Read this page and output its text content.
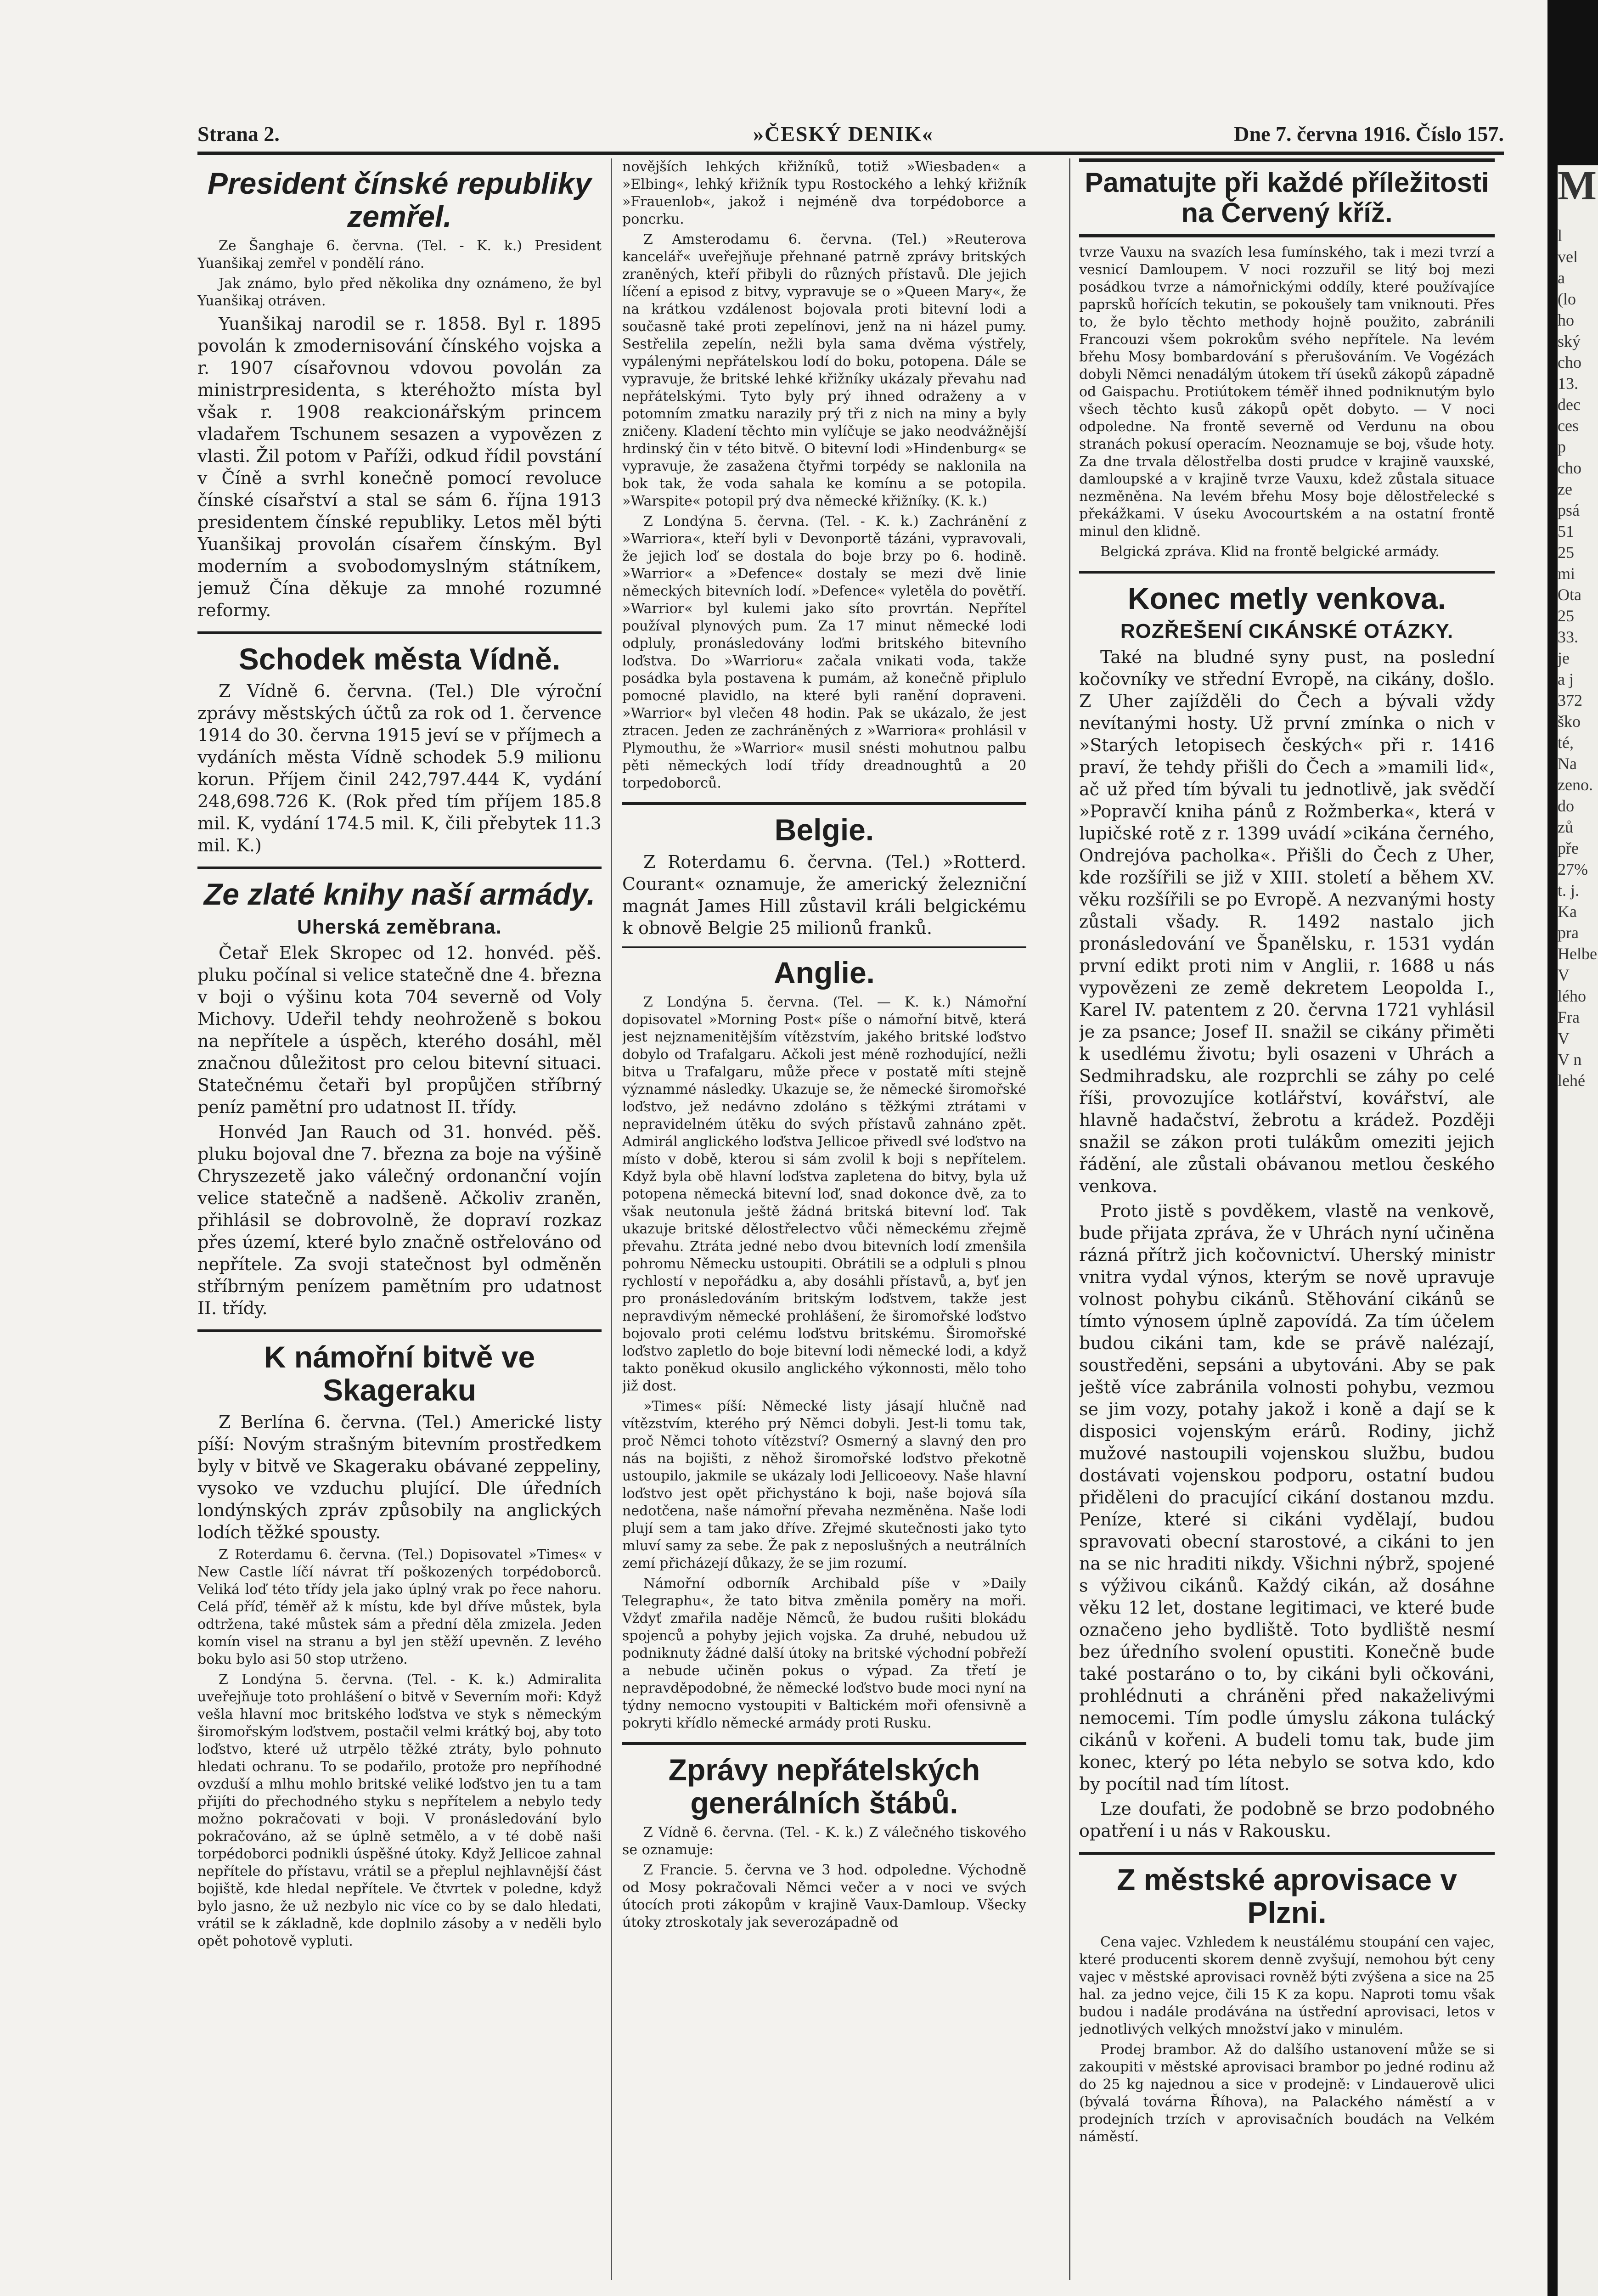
Strana 2.	»ČESKÝ DENIK«	Dne 7. června 1916. Číslo 157.
President čínské republiky zemřel.

Ze Šanghaje 6. června. (Tel. - K. k.) President Yuanšikaj zemřel v pondělí ráno.

Jak známo, bylo před několika dny oznámeno, že byl Yuanšikaj otráven.

Yuanšikaj narodil se r. 1858. Byl r. 1895 povolán k zmodernisování čínského vojska a r. 1907 císařovnou vdovou povolán za ministrpresidenta, s kteréhožto místa byl však r. 1908 reakcionářským princem vladařem Tschunem sesazen a vypovězen z vlasti. Žil potom v Paříži, odkud řídil povstání v Číně a svrhl konečně pomocí revoluce čínské císařství a stal se sám 6. října 1913 presidentem čínské republiky. Letos měl býti Yuanšikaj provolán císařem čínským. Byl moderním a svobodomyslným státníkem, jemuž Čína děkuje za mnohé rozumné reformy.

Schodek města Vídně.

Z Vídně 6. června. (Tel.) Dle výroční zprávy městských účtů za rok od 1. července 1914 do 30. června 1915 jeví se v příjmech a vydáních města Vídně schodek 5.9 milionu korun. Příjem činil 242,797.444 K, vydání 248,698.726 K. (Rok před tím příjem 185.8 mil. K, vydání 174.5 mil. K, čili přebytek 11.3 mil. K.)

Ze zlaté knihy naší armády.
Uherská zeměbrana.

Četař Elek Skropec od 12. honvéd. pěš. pluku počínal si velice statečně dne 4. března v boji o výšinu kota 704 severně od Voly Michovy. Udeřil tehdy neohroženě s bokou na nepřítele a úspěch, kterého dosáhl, měl značnou důležitost pro celou bitevní situaci. Statečnému četaři byl propůjčen stříbrný peníz pamětní pro udatnost II. třídy.

Honvéd Jan Rauch od 31. honvéd. pěš. pluku bojoval dne 7. března za boje na výšině Chryszezetě jako válečný ordonanční vojín velice statečně a nadšeně. Ačkoliv zraněn, přihlásil se dobrovolně, že dopraví rozkaz přes území, které bylo značně ostřelováno od nepřítele. Za svoji statečnost byl odměněn stříbrným penízem pamětním pro udatnost II. třídy.

K námořní bitvě ve Skageraku

Z Berlína 6. června. (Tel.) Americké listy píší: Novým strašným bitevním prostředkem byly v bitvě ve Skageraku obávané zeppeliny, vysoko ve vzduchu plující. Dle úředních londýnských zpráv způsobily na anglických lodích těžké spousty.

Z Roterdamu 6. června. (Tel.) Dopisovatel »Times« v New Castle líčí návrat tří poškozených torpédoborců. Veliká loď této třídy jela jako úplný vrak po řece nahoru. Celá příď, téměř až k místu, kde byl dříve můstek, byla odtržena, také můstek sám a přední děla zmizela. Jeden komín visel na stranu a byl jen stěží upevněn. Z levého boku bylo asi 50 stop utrženo.

Z Londýna 5. června. (Tel. - K. k.) Admiralita uveřejňuje toto prohlášení o bitvě v Severním moři: Když vešla hlavní moc britského loďstva ve styk s německým širomořským loďstvem, postačil velmi krátký boj, aby toto loďstvo, které už utrpělo těžké ztráty, bylo pohnuto hledati ochranu. To se podařilo, protože pro nepříhodné ovzduší a mlhu mohlo britské veliké loďstvo jen tu a tam přijíti do přechodného styku s nepřítelem a nebylo tedy možno pokračovati v boji. V pronásledování bylo pokračováno, až se úplně setmělo, a v té době naši torpédoborci podnikli úspěšné útoky. Když Jellicoe zahnal nepřítele do přístavu, vrátil se a přeplul nejhlavnější část bojiště, kde hledal nepřítele. Ve čtvrtek v poledne, když bylo jasno, že už nezbylo nic více co by se dalo hledati, vrátil se k základně, kde doplnilo zásoby a v neděli bylo opět pohotově vypluti.

novějších lehkých křižníků, totiž »Wiesbaden« a »Elbing«, lehký křižník typu Rostockého a lehký křižník »Frauenlob«, jakož i nejméně dva torpédoborce a poncrku.

Z Amsterodamu 6. června. (Tel.) »Reuterova kancelář« uveřejňuje přehnané patrně zprávy britských zraněných, kteří přibyli do různých přístavů. Dle jejich líčení a episod z bitvy, vypravuje se o »Queen Mary«, že na krátkou vzdálenost bojovala proti bitevní lodi a současně také proti zepelínovi, jenž na ni házel pumy. Sestřelila zepelín, nežli byla sama dvěma výstřely, vypálenými nepřátelskou lodí do boku, potopena. Dále se vypravuje, že britské lehké křižníky ukázaly převahu nad nepřátelskými. Tyto byly prý ihned odraženy a v potomním zmatku narazily prý tři z nich na miny a byly zničeny. Kladení těchto min vylíčuje se jako neodvážnější hrdinský čin v této bitvě. O bitevní lodi »Hindenburg« se vypravuje, že zasažena čtyřmi torpédy se naklonila na bok tak, že voda sahala ke komínu a se potopila. »Warspite« potopil prý dva německé křižníky. (K. k.)

Z Londýna 5. června. (Tel. - K. k.) Zachránění z »Warriora«, kteří byli v Devonportě tázáni, vypravovali, že jejich loď se dostala do boje brzy po 6. hodině. »Warrior« a »Defence« dostaly se mezi dvě linie německých bitevních lodí. »Defence« vyletěla do povětří. »Warrior« byl kulemi jako síto provrtán. Nepřítel používal plynových pum. Za 17 minut německé lodi odpluly, pronásledovány loďmi britského bitevního loďstva. Do »Warrioru« začala vnikati voda, takže posádka byla postavena k pumám, až konečně připlulo pomocné plavidlo, na které byli ranění dopraveni. »Warrior« byl vlečen 48 hodin. Pak se ukázalo, že jest ztracen. Jeden ze zachráněných z »Warriora« prohlásil v Plymouthu, že »Warrior« musil snésti mohutnou palbu pěti německých lodí třídy dreadnoughtů a 20 torpedoborců.

Belgie.

Z Roterdamu 6. června. (Tel.) »Rotterd. Courant« oznamuje, že americký železniční magnát James Hill zůstavil králi belgickému k obnově Belgie 25 milionů franků.

Anglie.

Z Londýna 5. června. (Tel. — K. k.) Námořní dopisovatel »Morning Post« píše o námořní bitvě, která jest nejznamenitějším vítězstvím, jakého britské loďstvo dobylo od Trafalgaru. Ačkoli jest méně rozhodující, nežli bitva u Trafalgaru, může přece v postatě míti stejně význammé následky. Ukazuje se, že německé širomořské loďstvo, jež nedávno zdoláno s těžkými ztrátami v nepravidelném útěku do svých přístavů zahnáno zpět. Admirál anglického loďstva Jellicoe přivedl své loďstvo na místo v době, kterou si sám zvolil k boji s nepřítelem. Když byla obě hlavní loďstva zapletena do bitvy, byla už potopena německá bitevní loď, snad dokonce dvě, za to však neutonula ještě žádná britská bitevní loď. Tak ukazuje britské dělostřelectvo vůči německému zřejmě převahu. Ztráta jedné nebo dvou bitevních lodí zmenšila pohromu Německu ustoupiti. Obrátili se a odpluli s plnou rychlostí v nepořádku a, aby dosáhli přístavů, a, byť jen pro pronásledováním britským loďstvem, takže jest nepravdivým německé prohlášení, že širomořské loďstvo bojovalo proti celému loďstvu britskému. Širomořské loďstvo zapletlo do boje bitevní lodi německé lodi, a když takto poněkud okusilo anglického výkonnosti, mělo toho již dost.

»Times« píší: Německé listy jásají hlučně nad vítězstvím, kterého prý Němci dobyli. Jest-li tomu tak, proč Němci tohoto vítězství? Osmerný a slavný den pro nás na bojišti, z něhož širomořské loďstvo překotně ustoupilo, jakmile se ukázaly lodi Jellicoeovy. Naše hlavní loďstvo jest opět přichystáno k boji, naše bojová síla nedotčena, naše námořní převaha nezměněna. Naše lodi plují sem a tam jako dříve. Zřejmé skutečnosti jako tyto mluví samy za sebe. Že pak z neposlušných a neutrálních zemí přicházejí důkazy, že se jim rozumí.

Námořní odborník Archibald píše v »Daily Telegraphu«, že tato bitva změnila poměry na moři. Vždyť zmařila naděje Němců, že budou rušiti blokádu spojenců a pohyby jejich vojska. Za druhé, nebudou už podniknuty žádné další útoky na britské východní pobřeží a nebude učiněn pokus o výpad. Za třetí je nepravděpodobné, že německé loďstvo bude moci nyní na týdny nemocno vystoupiti v Baltickém moři ofensivně a pokryti křídlo německé armády proti Rusku.

Zprávy nepřátelských generálních štábů.

Z Vídně 6. června. (Tel. - K. k.) Z válečného tiskového se oznamuje:

Z Francie. 5. června ve 3 hod. odpoledne. Východně od Mosy pokračovali Němci večer a v noci ve svých útocích proti zákopům v krajině Vaux-Damloup. Všecky útoky ztroskotaly jak severozápadně od

Pamatujte při každé příležitosti na Červený kříž.

tvrze Vauxu na svazích lesa fumínského, tak i mezi tvrzí a vesnicí Damloupem. V noci rozzuřil se litý boj mezi posádkou tvrze a námořnickými oddíly, které používajíce paprsků hořících tekutin, se pokoušely tam vniknouti. Přes to, že bylo těchto methody hojně použito, zabránili Francouzi všem pokrokům svého nepřítele. Na levém břehu Mosy bombardování s přerušováním. Ve Vogézách dobyli Němci nenadálým útokem tří úseků zákopů západně od Gaispachu. Protiútokem téměř ihned podniknutým bylo všech těchto kusů zákopů opět dobyto. — V noci odpoledne. Na frontě severně od Verdunu na obou stranách pokusí operacím. Neoznamuje se boj, všude hoty. Za dne trvala dělostřelba dosti prudce v krajině vauxské, damloupské a v krajině tvrze Vauxu, kdež zůstala situace nezměněna. Na levém břehu Mosy boje dělostřelecké s překážkami. V úseku Avocourtském a na ostatní frontě minul den klidně.

Belgická zpráva. Klid na frontě belgické armády.

Konec metly venkova.
ROZŘEŠENÍ CIKÁNSKÉ OTÁZKY.

Také na bludné syny pust, na poslední kočovníky ve střední Evropě, na cikány, došlo. Z Uher zajížděli do Čech a bývali vždy nevítanými hosty. Už první zmínka o nich v »Starých letopisech českých« při r. 1416 praví, že tehdy přišli do Čech a »mamili lid«, ač už před tím bývali tu jednotlivě, jak svědčí »Popravčí kniha pánů z Rožmberka«, která v lupičské rotě z r. 1399 uvádí »cikána černého, Ondrejóva pacholka«. Přišli do Čech z Uher, kde rozšířili se již v XIII. století a během XV. věku rozšířili se po Evropě. A nezvanými hosty zůstali všady. R. 1492 nastalo jich pronásledování ve Španělsku, r. 1531 vydán první edikt proti nim v Anglii, r. 1688 u nás vypovězeni ze země dekretem Leopolda I., Karel IV. patentem z 20. června 1721 vyhlásil je za psance; Josef II. snažil se cikány přiměti k usedlému životu; byli osazeni v Uhrách a Sedmihradsku, ale rozprchli se záhy po celé říši, provozujíce kotlářství, kovářství, ale hlavně hadačství, žebrotu a krádež. Později snažil se zákon proti tulákům omeziti jejich řádění, ale zůstali obávanou metlou českého venkova.

Proto jistě s povděkem, vlastě na venkově, bude přijata zpráva, že v Uhrách nyní učiněna rázná přítrž jich kočovnictví. Uherský ministr vnitra vydal výnos, kterým se nově upravuje volnost pohybu cikánů. Stěhování cikánů se tímto výnosem úplně zapovídá. Za tím účelem budou cikáni tam, kde se právě nalézají, soustředěni, sepsáni a ubytováni. Aby se pak ještě více zabránila volnosti pohybu, vezmou se jim vozy, potahy jakož i koně a dají se k disposici vojenským erárů. Rodiny, jichž mužové nastoupili vojenskou službu, budou dostávati vojenskou podporu, ostatní budou přiděleni do pracující cikání dostanou mzdu. Peníze, které si cikáni vydělají, budou spravovati obecní starostové, a cikáni to jen na se nic hraditi nikdy. Všichni nýbrž, spojené s výživou cikánů. Každý cikán, až dosáhne věku 12 let, dostane legitimaci, ve které bude označeno jeho bydliště. Toto bydliště nesmí bez úředního svolení opustiti. Konečně bude také postaráno o to, by cikáni byli očkováni, prohlédnuti a chráněni před nakaželivými nemocemi. Tím podle úmyslu zákona tulácký cikánů v kořeni. A budeli tomu tak, bude jim konec, který po léta nebylo se sotva kdo, kdo by pocítil nad tím lítost.

Lze doufati, že podobně se brzo podobného opatření i u nás v Rakousku.

Z městské aprovisace v Plzni.

Cena vajec. Vzhledem k neustálému stoupání cen vajec, které producenti skorem denně zvyšují, nemohou být ceny vajec v městské aprovisaci rovněž býti zvýšena a sice na 25 hal. za jedno vejce, čili 15 K za kopu. Naproti tomu však budou i nadále prodávána na ústřední aprovisaci, letos v jednotlivých velkých množství jako v minulém.

Prodej brambor. Až do dalšího ustanovení může se si zakoupiti v městské aprovisaci brambor po jedné rodinu až do 25 kg najednou a sice v prodejně: v Lindauerově ulici (bývalá továrna Říhova), na Palackého náměstí a v prodejních trzích v aprovisačních boudách na Velkém náměstí.

M
l
vel
a
(lo
ho
ský
cho
13.
dec
ces
p
cho
ze
psá
51
25
mi
Ota
25
33.
je
a j
372
ško
té,
Na
zeno.
do
zů
pře
27%
t. j.
Ka
pra
Helbe
V
lého
Fra
V
V n
lehé
